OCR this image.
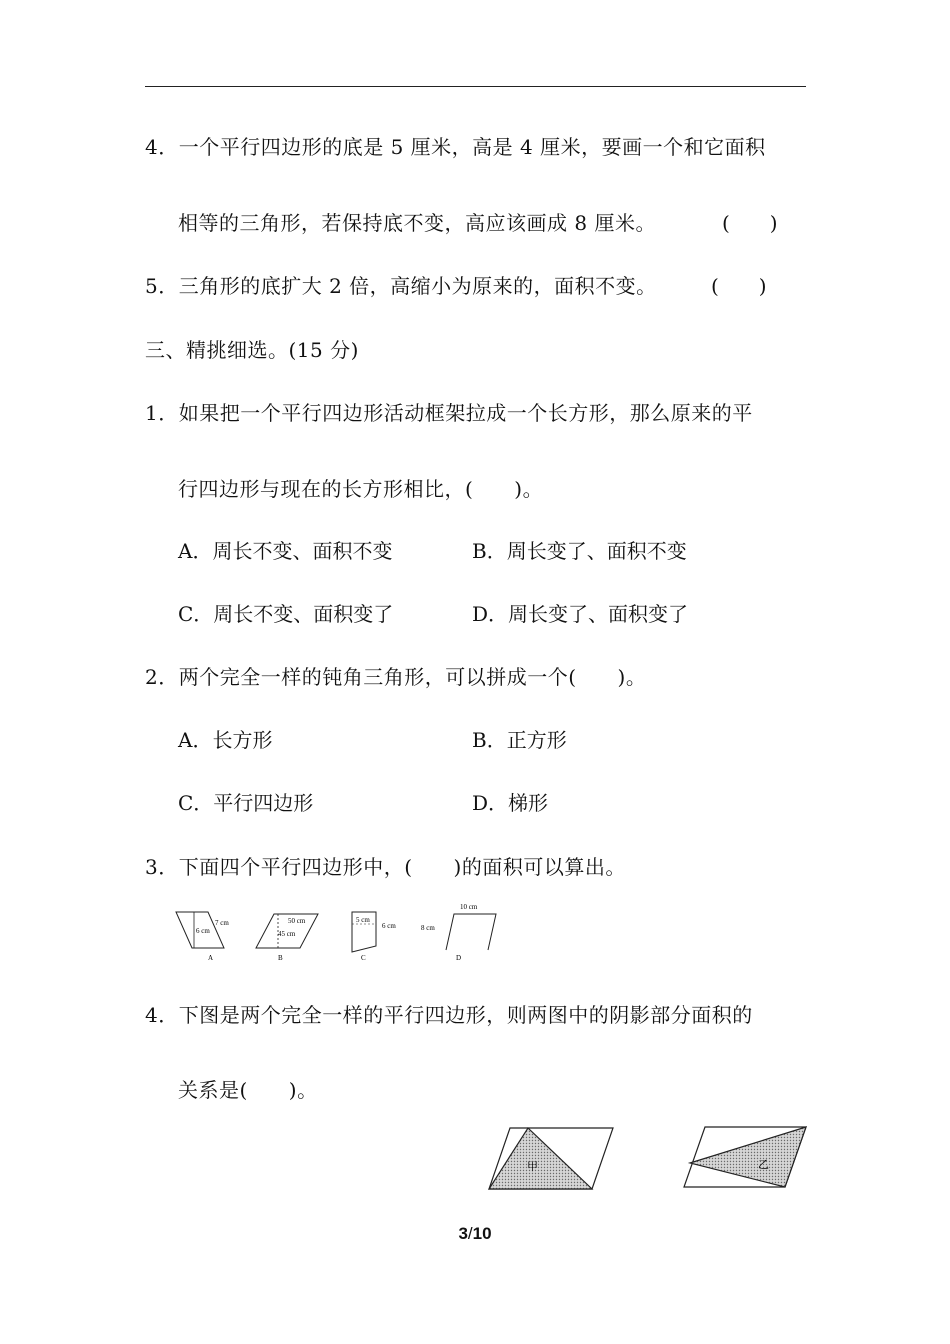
4．一个平行四边形的底是 5 厘米，高是 4 厘米，要画一个和它面积
相等的三角形，若保持底不变，高应该画成 8 厘米。	(　　)
5．三角形的底扩大 2 倍，高缩小为原来的，面积不变。	(　　)
三、精挑细选。(15 分)
1．如果把一个平行四边形活动框架拉成一个长方形，那么原来的平
行四边形与现在的长方形相比，(　　)。
A．周长不变、面积不变	B．周长变了、面积不变
C．周长不变、面积变了	D．周长变了、面积变了
2．两个完全一样的钝角三角形，可以拼成一个(　　)。
A．长方形	B．正方形
C．平行四边形	D．梯形
3．下面四个平行四边形中，(　　)的面积可以算出。
7 cm
6 cm
A
50 cm
45 cm
B
5 cm
6 cm
C
10 cm
8 cm
D
4．下图是两个完全一样的平行四边形，则两图中的阴影部分面积的
关系是(　　)。
甲	乙
3/10
